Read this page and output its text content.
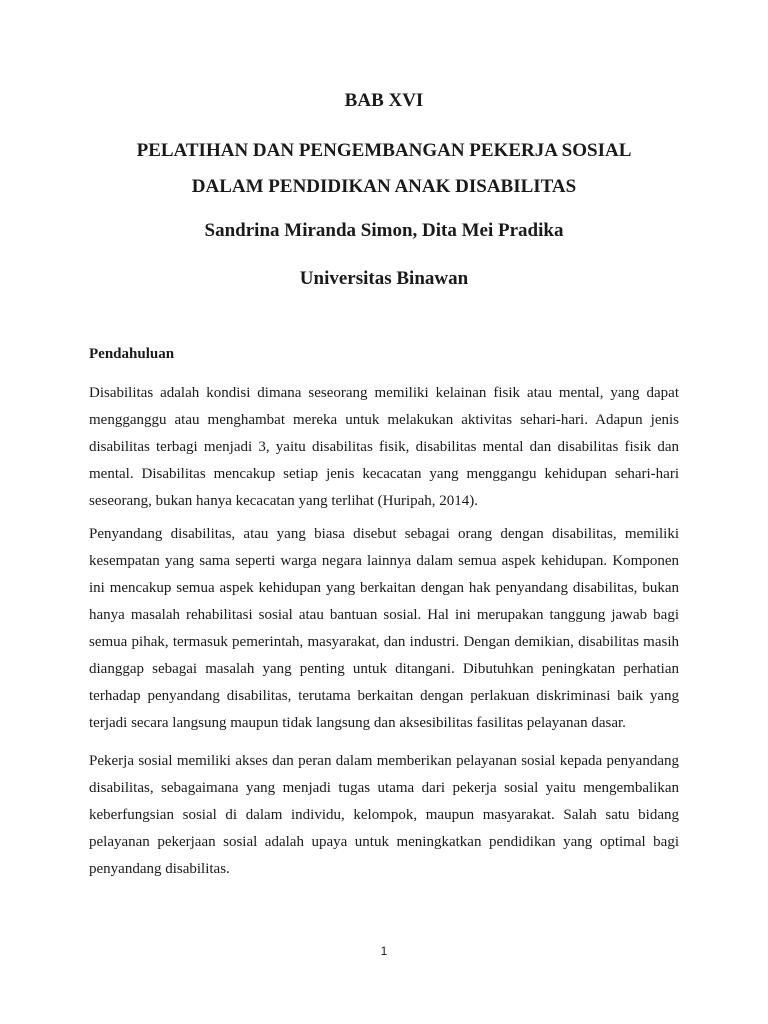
BAB XVI
PELATIHAN DAN PENGEMBANGAN PEKERJA SOSIAL
DALAM PENDIDIKAN ANAK DISABILITAS
Sandrina Miranda Simon, Dita Mei Pradika
Universitas Binawan
Pendahuluan

Disabilitas adalah kondisi dimana seseorang memiliki kelainan fisik atau mental, yang dapat mengganggu atau menghambat mereka untuk melakukan aktivitas sehari-hari. Adapun jenis disabilitas terbagi menjadi 3, yaitu disabilitas fisik, disabilitas mental dan disabilitas fisik dan mental. Disabilitas mencakup setiap jenis kecacatan yang menggangu kehidupan sehari-hari seseorang, bukan hanya kecacatan yang terlihat (Huripah, 2014).

Penyandang disabilitas, atau yang biasa disebut sebagai orang dengan disabilitas, memiliki kesempatan yang sama seperti warga negara lainnya dalam semua aspek kehidupan. Komponen ini mencakup semua aspek kehidupan yang berkaitan dengan hak penyandang disabilitas, bukan hanya masalah rehabilitasi sosial atau bantuan sosial. Hal ini merupakan tanggung jawab bagi semua pihak, termasuk pemerintah, masyarakat, dan industri. Dengan demikian, disabilitas masih dianggap sebagai masalah yang penting untuk ditangani. Dibutuhkan peningkatan perhatian terhadap penyandang disabilitas, terutama berkaitan dengan perlakuan diskriminasi baik yang terjadi secara langsung maupun tidak langsung dan aksesibilitas fasilitas pelayanan dasar.

Pekerja sosial memiliki akses dan peran dalam memberikan pelayanan sosial kepada penyandang disabilitas, sebagaimana yang menjadi tugas utama dari pekerja sosial yaitu mengembalikan keberfungsian sosial di dalam individu, kelompok, maupun masyarakat. Salah satu bidang pelayanan pekerjaan sosial adalah upaya untuk meningkatkan pendidikan yang optimal bagi penyandang disabilitas.

1
